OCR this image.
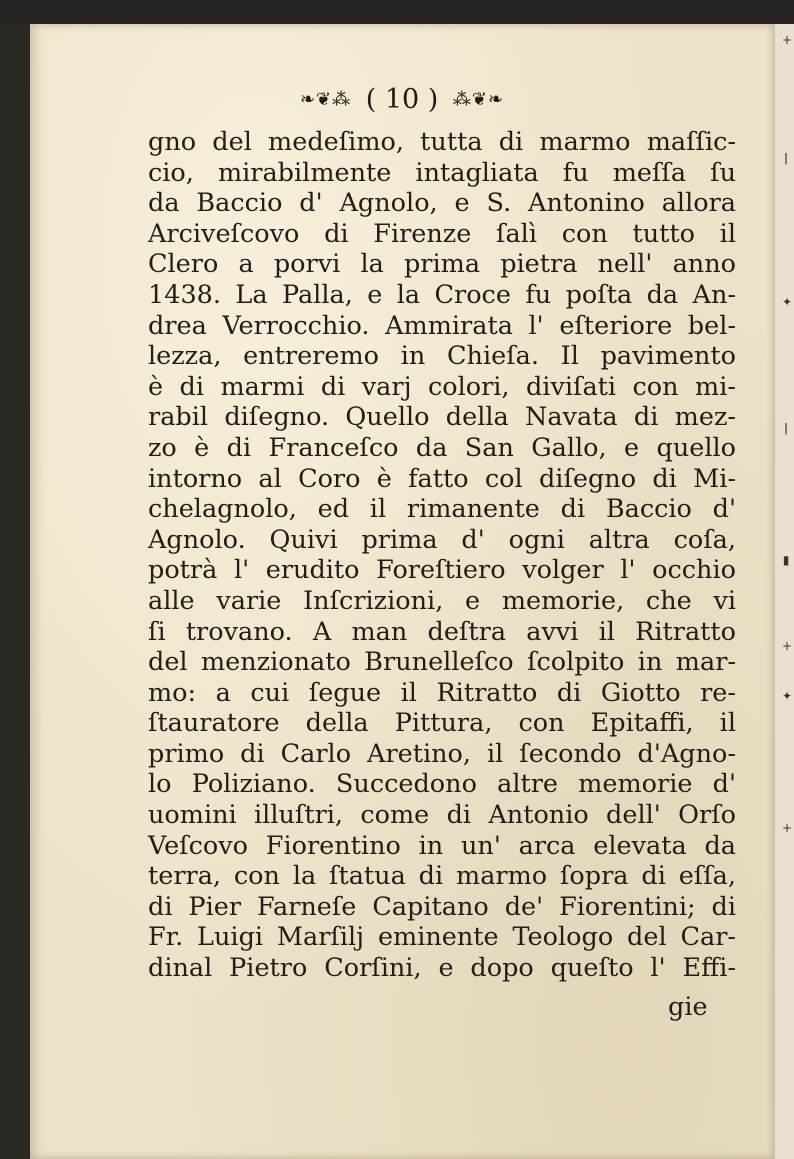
❧❦⁂ ( 10 ) ⁂❦❧
gno del medeſimo, tutta di marmo maſſic-
cio, mirabilmente intagliata fu meſſa ſu
da Baccio d' Agnolo, e S. Antonino allora
Arciveſcovo di Firenze ſalì con tutto il
Clero a porvi la prima pietra nell' anno
1438. La Palla, e la Croce fu poſta da An-
drea Verrocchio. Ammirata l' eſteriore bel-
lezza, entreremo in Chieſa. Il pavimento
è di marmi di varj colori, diviſati con mi-
rabil diſegno. Quello della Navata di mez-
zo è di Franceſco da San Gallo, e quello
intorno al Coro è fatto col diſegno di Mi-
chelagnolo, ed il rimanente di Baccio d'
Agnolo. Quivi prima d' ogni altra coſa,
potrà l' erudito Foreſtiero volger l' occhio
alle varie Inſcrizioni, e memorie, che vi
ſi trovano. A man deſtra avvi il Ritratto
del menzionato Brunelleſco ſcolpito in mar-
mo: a cui ſegue il Ritratto di Giotto re-
ſtauratore della Pittura, con Epitaffi, il
primo di Carlo Aretino, il ſecondo d'Agno-
lo Poliziano. Succedono altre memorie d'
uomini illuſtri, come di Antonio dell' Orſo
Veſcovo Fiorentino in un' arca elevata da
terra, con la ſtatua di marmo ſopra di eſſa,
di Pier Farneſe Capitano de' Fiorentini; di
Fr. Luigi Marſilj eminente Teologo del Car-
dinal Pietro Corſini, e dopo queſto l' Effi-
gie
+
ǀ
✦
ǀ
▮
+
✦
+
